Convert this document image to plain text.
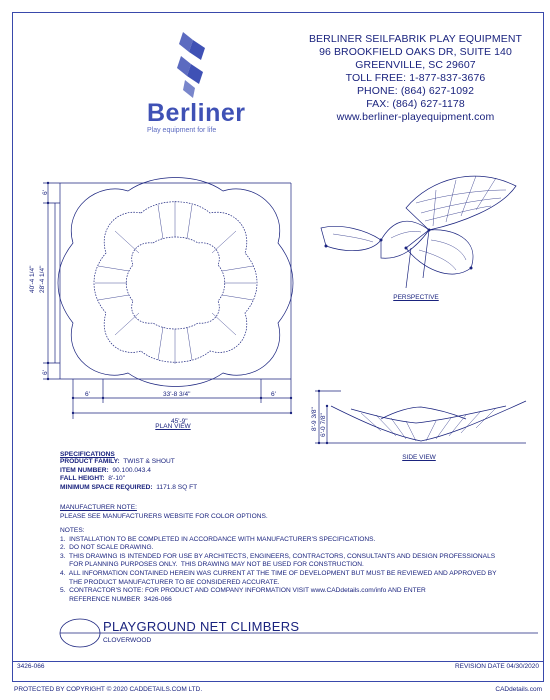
Berliner
Play equipment for life
BERLINER SEILFABRIK PLAY EQUIPMENT
96 BROOKFIELD OAKS DR, SUITE 140
GREENVILLE, SC 29607
TOLL FREE: 1-877-837-3676
PHONE: (864) 627-1092
FAX: (864) 627-1178
www.berliner-playequipment.com
6'
40'-4 1/4" 28'-4 1/4"
6'
6'	33'-8 3/4"	6'
45'-9"
PLAN VIEW
PERSPECTIVE
8'-9 3/8" 6'-0 7/8"
SIDE VIEW
SPECIFICATIONS
PRODUCT FAMILY: TWIST & SHOUT
ITEM NUMBER: 90.100.043.4
FALL HEIGHT: 8'-10"
MINIMUM SPACE REQUIRED: 1171.8 SQ FT
MANUFACTURER NOTE:
PLEASE SEE MANUFACTURERS WEBSITE FOR COLOR OPTIONS.
NOTES:
1.  INSTALLATION TO BE COMPLETED IN ACCORDANCE WITH MANUFACTURER'S SPECIFICATIONS.
2.  DO NOT SCALE DRAWING.
3.  THIS DRAWING IS INTENDED FOR USE BY ARCHITECTS, ENGINEERS, CONTRACTORS, CONSULTANTS AND DESIGN PROFESSIONALS
FOR PLANNING PURPOSES ONLY.  THIS DRAWING MAY NOT BE USED FOR CONSTRUCTION.
4.  ALL INFORMATION CONTAINED HEREIN WAS CURRENT AT THE TIME OF DEVELOPMENT BUT MUST BE REVIEWED AND APPROVED BY
THE PRODUCT MANUFACTURER TO BE CONSIDERED ACCURATE.
5.  CONTRACTOR'S NOTE: FOR PRODUCT AND COMPANY INFORMATION VISIT www.CADdetails.com/info AND ENTER
REFERENCE NUMBER  3426-066
PLAYGROUND NET CLIMBERS
CLOVERWOOD
3426-066	REVISION DATE 04/30/2020
PROTECTED BY COPYRIGHT © 2020 CADDETAILS.COM LTD.	CADdetails.com
